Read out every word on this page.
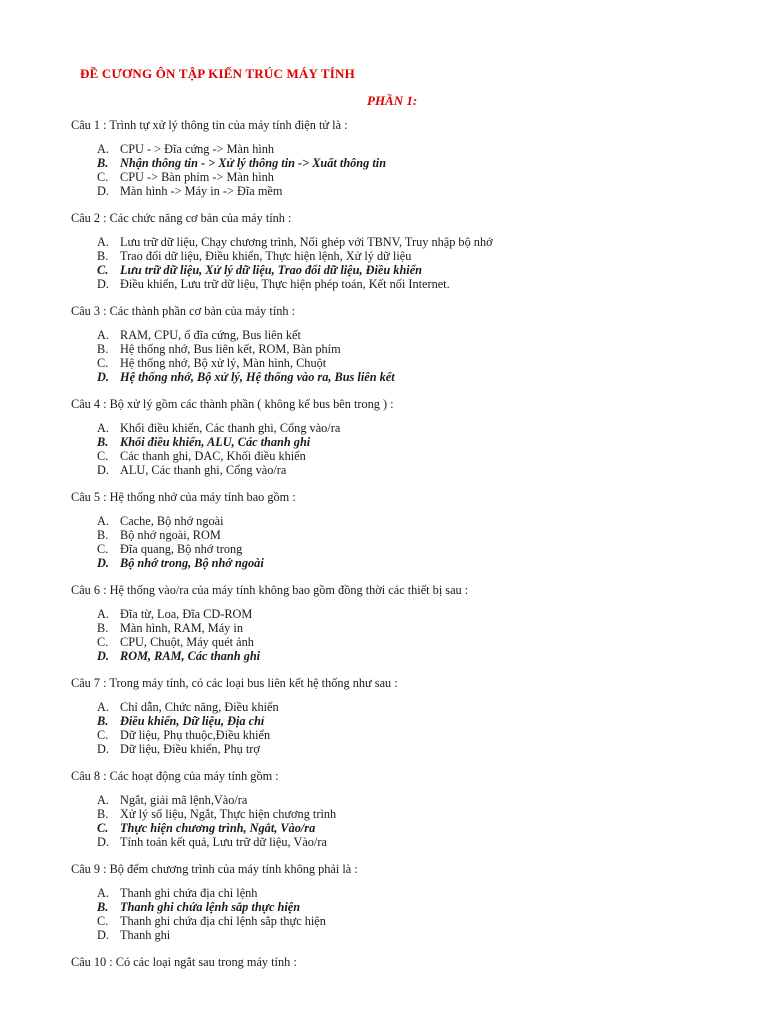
ĐỀ CƯƠNG ÔN TẬP KIẾN TRÚC MÁY TÍNH
PHẦN 1:
Câu 1 : Trình tự xử lý thông tin của máy tính điện tử là :
A. CPU - > Đĩa cứng -> Màn hình
B. Nhận thông tin - > Xử lý thông tin -> Xuất thông tin
C. CPU -> Bàn phím -> Màn hình
D. Màn hình -> Máy in -> Đĩa mềm
Câu 2 : Các chức năng cơ bản của máy tính :
A. Lưu trữ dữ liệu, Chạy chương trình, Nối ghép với TBNV, Truy nhập bộ nhớ
B. Trao đổi dữ liệu, Điều khiển, Thực hiện lệnh, Xử lý dữ liệu
C. Lưu trữ dữ liệu, Xử lý dữ liệu, Trao đổi dữ liệu, Điều khiển
D. Điều khiển, Lưu trữ dữ liệu, Thực hiện phép toán, Kết nối Internet.
Câu 3 : Các thành phần cơ bản của máy tính :
A. RAM, CPU, ổ đĩa cứng, Bus liên kết
B. Hệ thống nhớ, Bus liên kết, ROM, Bàn phím
C. Hệ thống nhớ, Bộ xử lý, Màn hình, Chuột
D. Hệ thống nhớ, Bộ xử lý, Hệ thống vào ra, Bus liên kết
Câu 4 : Bộ xử lý gồm các thành phần ( không kể bus bên trong ) :
A. Khối điều khiển, Các thanh ghi, Cổng vào/ra
B. Khối điều khiển, ALU, Các thanh ghi
C. Các thanh ghi, DAC, Khối điều khiển
D. ALU, Các thanh ghi, Cổng vào/ra
Câu 5 : Hệ thống nhớ của máy tính bao gồm :
A. Cache, Bộ nhớ ngoài
B. Bộ nhớ ngoài, ROM
C. Đĩa quang, Bộ nhớ trong
D. Bộ nhớ trong, Bộ nhớ ngoài
Câu 6 : Hệ thống vào/ra của máy tính không bao gồm đồng thời các thiết bị sau :
A. Đĩa từ, Loa, Đĩa CD-ROM
B. Màn hình, RAM, Máy in
C. CPU, Chuột, Máy quét ảnh
D. ROM, RAM, Các thanh ghi
Câu 7 : Trong máy tính, có các loại bus liên kết hệ thống như sau :
A. Chỉ dẫn, Chức năng, Điều khiển
B. Điều khiển, Dữ liệu, Địa chỉ
C. Dữ liệu, Phụ thuộc,Điều khiển
D. Dữ liệu, Điều khiển, Phụ trợ
Câu 8 : Các hoạt động của máy tính gồm :
A. Ngắt, giải mã lệnh,Vào/ra
B. Xử lý số liệu, Ngắt, Thực hiện chương trình
C. Thực hiện chương trình, Ngắt, Vào/ra
D. Tính toán kết quả, Lưu trữ dữ liệu, Vào/ra
Câu 9 : Bộ đếm chương trình của máy tính không phải là :
A. Thanh ghi chứa địa chỉ lệnh
B. Thanh ghi chứa lệnh sắp thực hiện
C. Thanh ghi chứa địa chỉ lệnh sắp thực hiện
D. Thanh ghi
Câu 10 : Có các loại ngắt sau trong máy tính :
